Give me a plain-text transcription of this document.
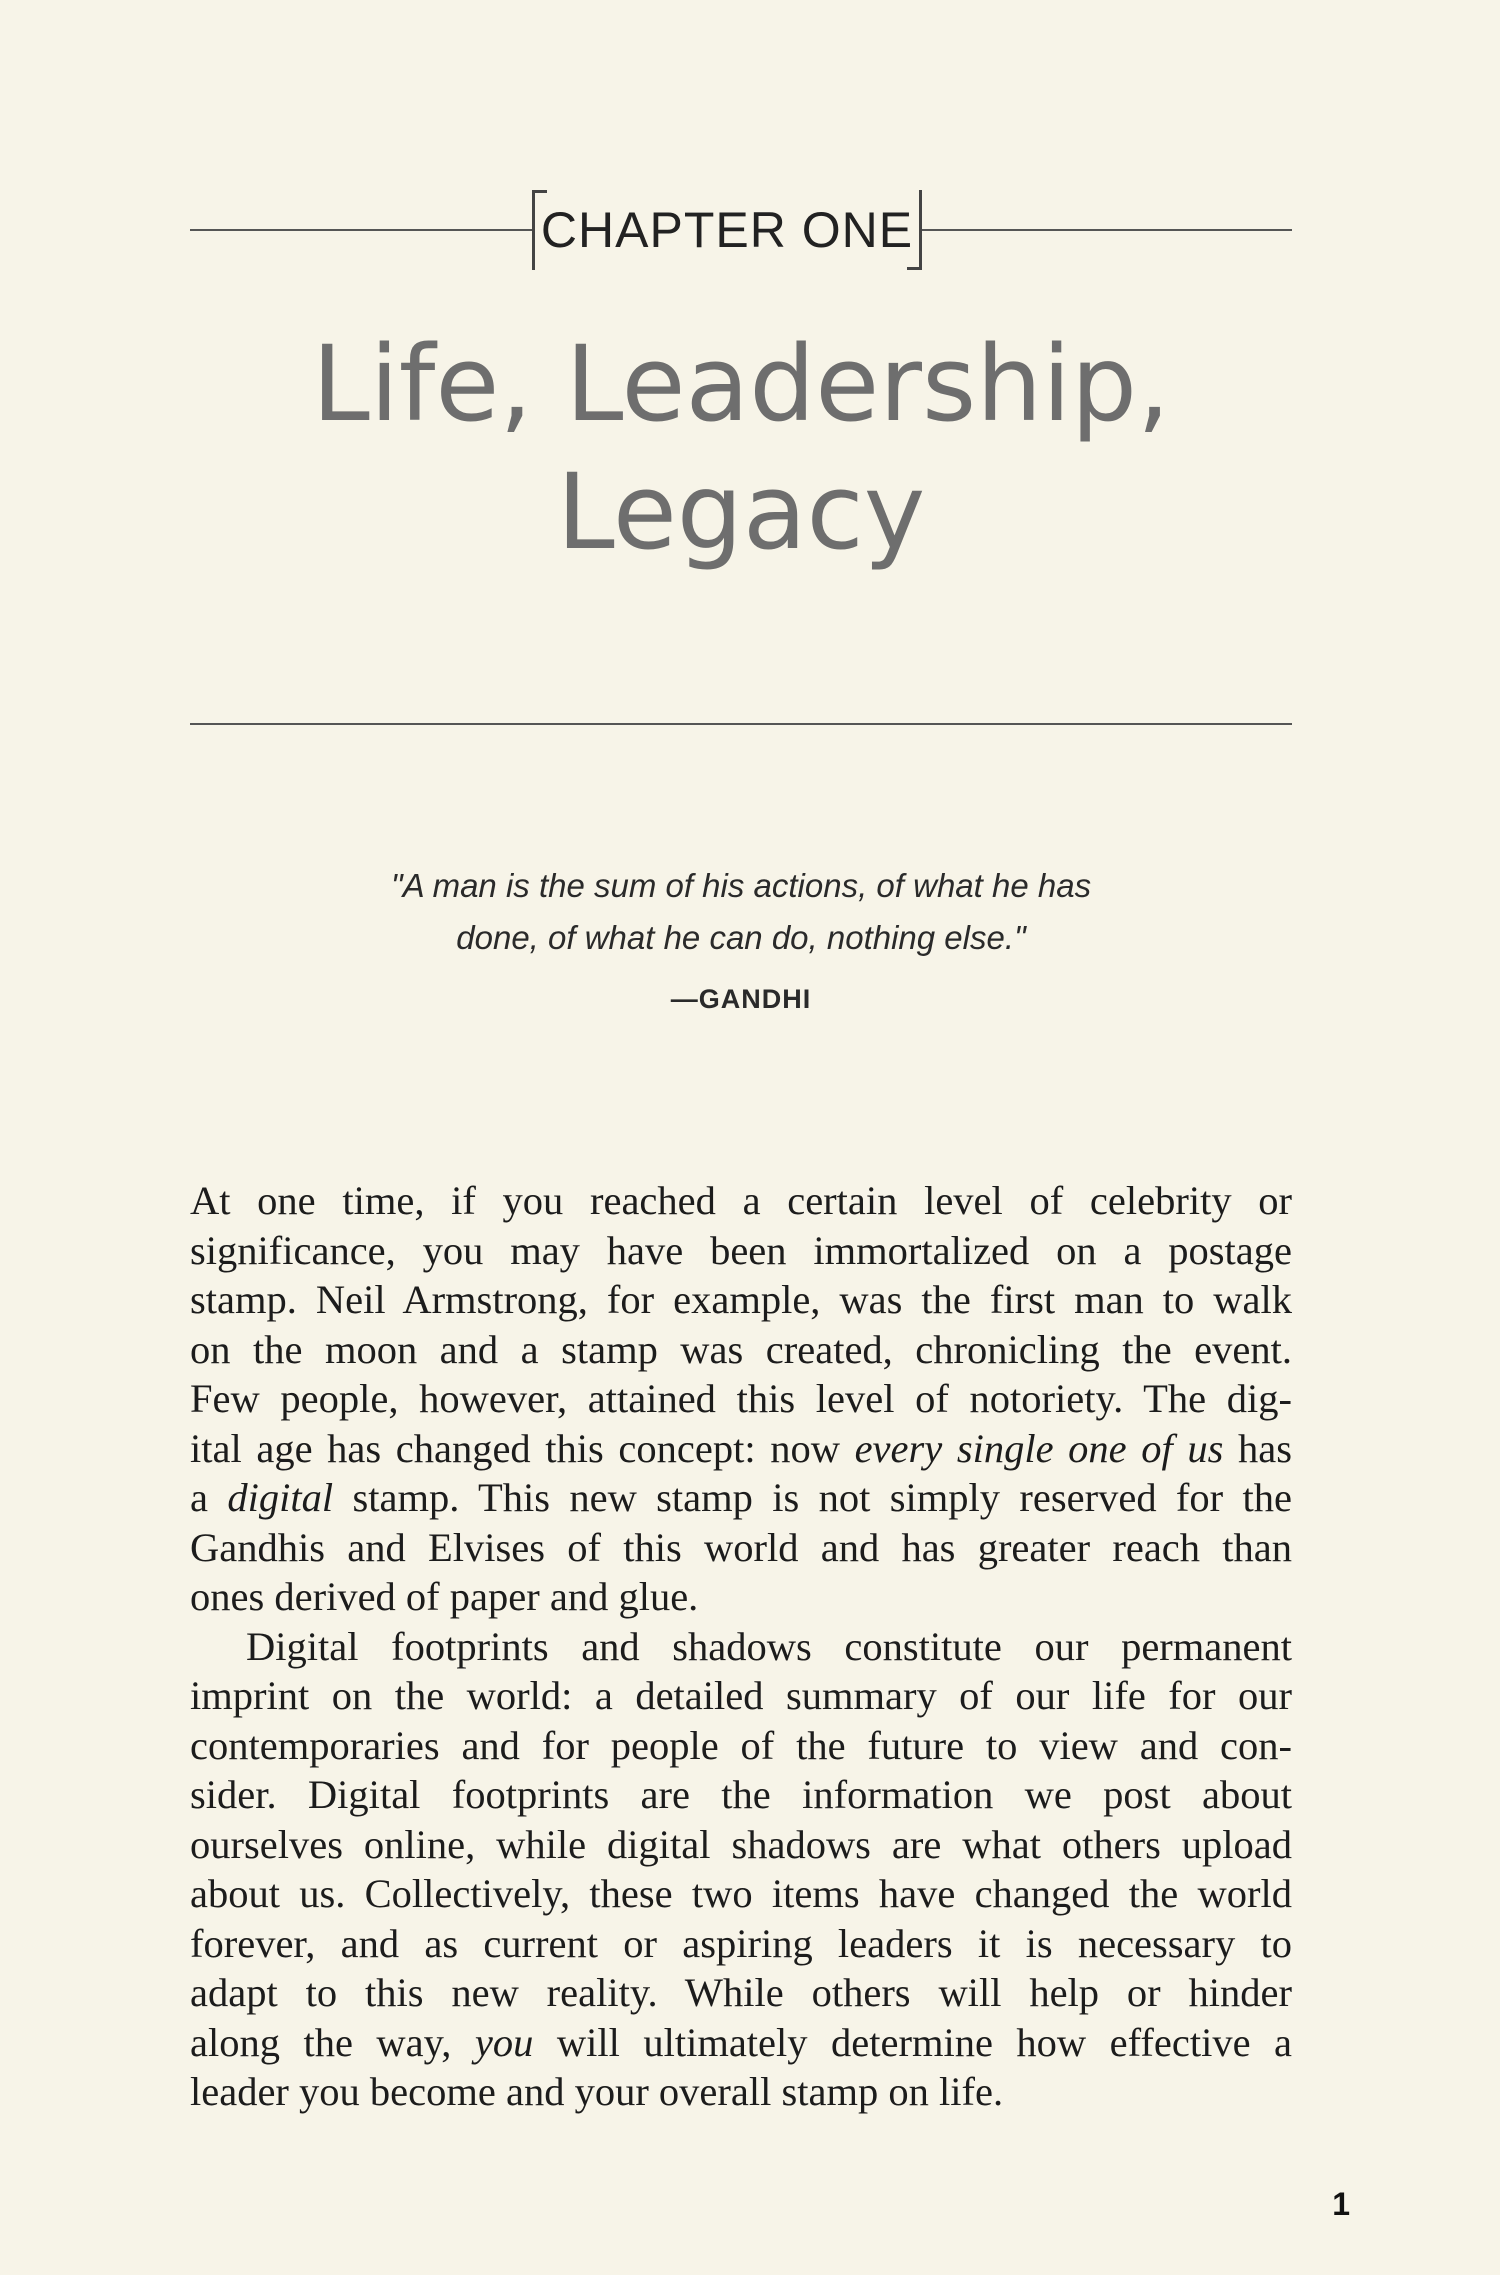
CHAPTER ONE
Life, Leadership,
Legacy

"A man is the sum of his actions, of what he has
done, of what he can do, nothing else."

—GANDHI
At one time, if you reached a certain level of celebrity or
significance, you may have been immortalized on a postage
stamp. Neil Armstrong, for example, was the first man to walk
on the moon and a stamp was created, chronicling the event.
Few people, however, attained this level of notoriety. The dig-
ital age has changed this concept: now every single one of us has
a digital stamp. This new stamp is not simply reserved for the
Gandhis and Elvises of this world and has greater reach than
ones derived of paper and glue.
Digital footprints and shadows constitute our permanent
imprint on the world: a detailed summary of our life for our
contemporaries and for people of the future to view and con-
sider. Digital footprints are the information we post about
ourselves online, while digital shadows are what others upload
about us. Collectively, these two items have changed the world
forever, and as current or aspiring leaders it is necessary to
adapt to this new reality. While others will help or hinder
along the way, you will ultimately determine how effective a
leader you become and your overall stamp on life.
1
